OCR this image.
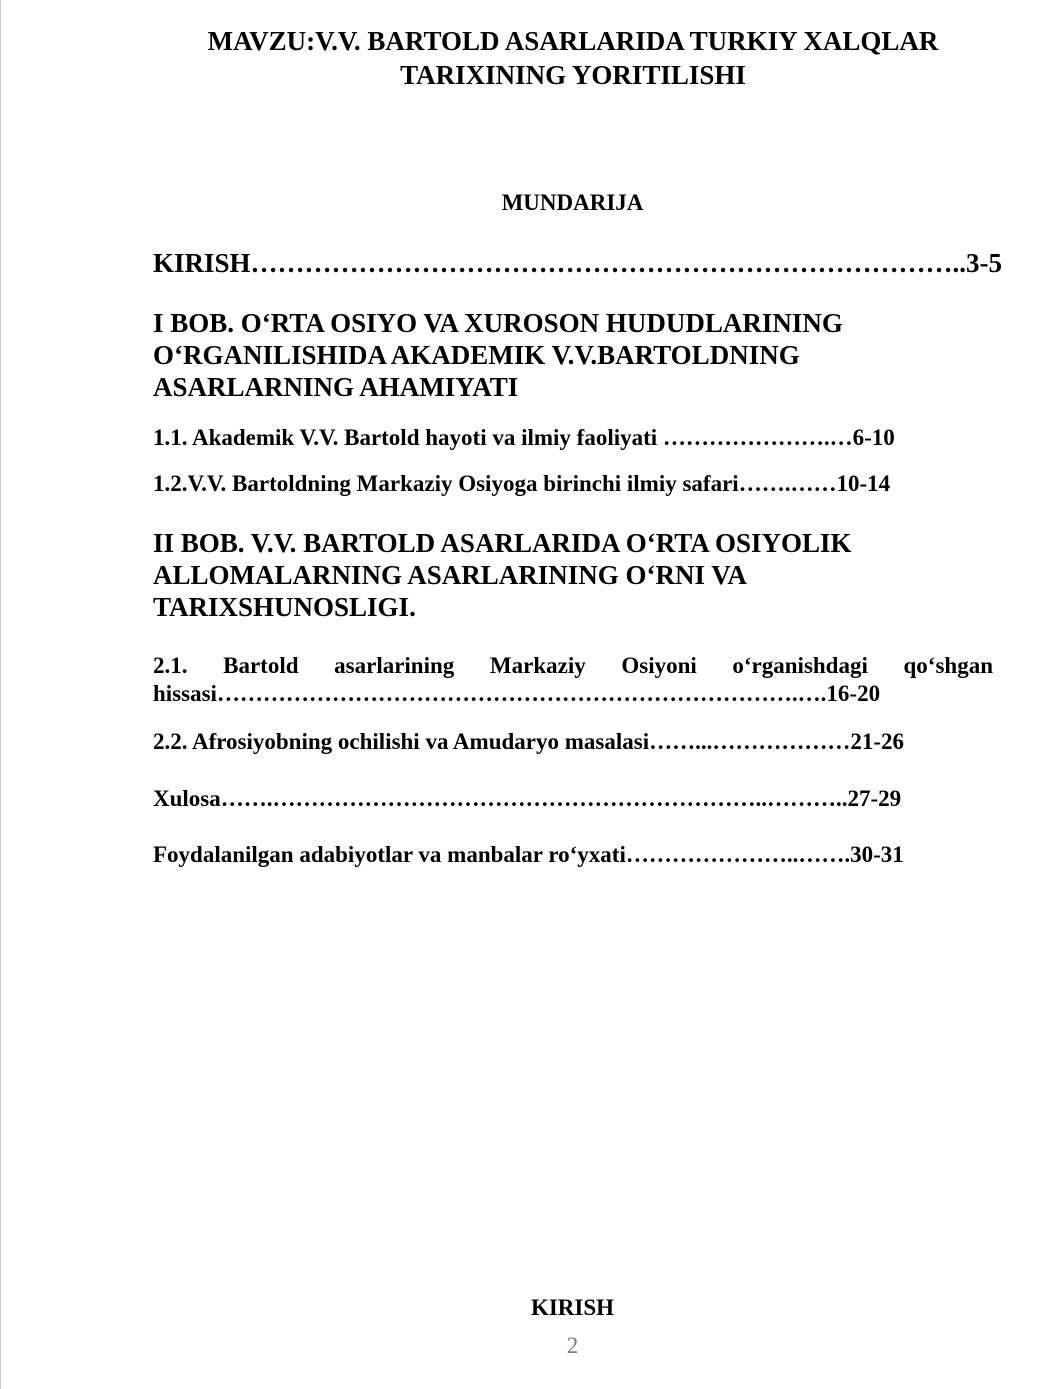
MAVZU:V.V. BARTOLD ASARLARIDA TURKIY XALQLAR
TARIXINING YORITILISHI
MUNDARIJA
KIRISH……………………………………………………………………..3-5
I BOB. O‘RTA OSIYO VA XUROSON HUDUDLARINING O‘RGANILISHIDA AKADEMIK V.V.BARTOLDNING ASARLARNING AHAMIYATI
1.1. Akademik V.V. Bartold hayoti va ilmiy faoliyati ………………….…6-10
1.2.V.V. Bartoldning Markaziy Osiyoga birinchi ilmiy safari…….……10-14
II BOB. V.V. BARTOLD ASARLARIDA O‘RTA OSIYOLIK ALLOMALARNING ASARLARINING O‘RNI VA TARIXSHUNOSLIGI.
2.1. Bartold asarlarining Markaziy Osiyoni o‘rganishdagi qo‘shgan hissasi………………………………………………………………….….16-20
2.2. Afrosiyobning ochilishi va Amudaryo masalasi……...………………21-26
Xulosa…….………………………………………………………..………..27-29
Foydalanilgan adabiyotlar va manbalar ro‘yxati…………………..…….30-31
KIRISH
2
